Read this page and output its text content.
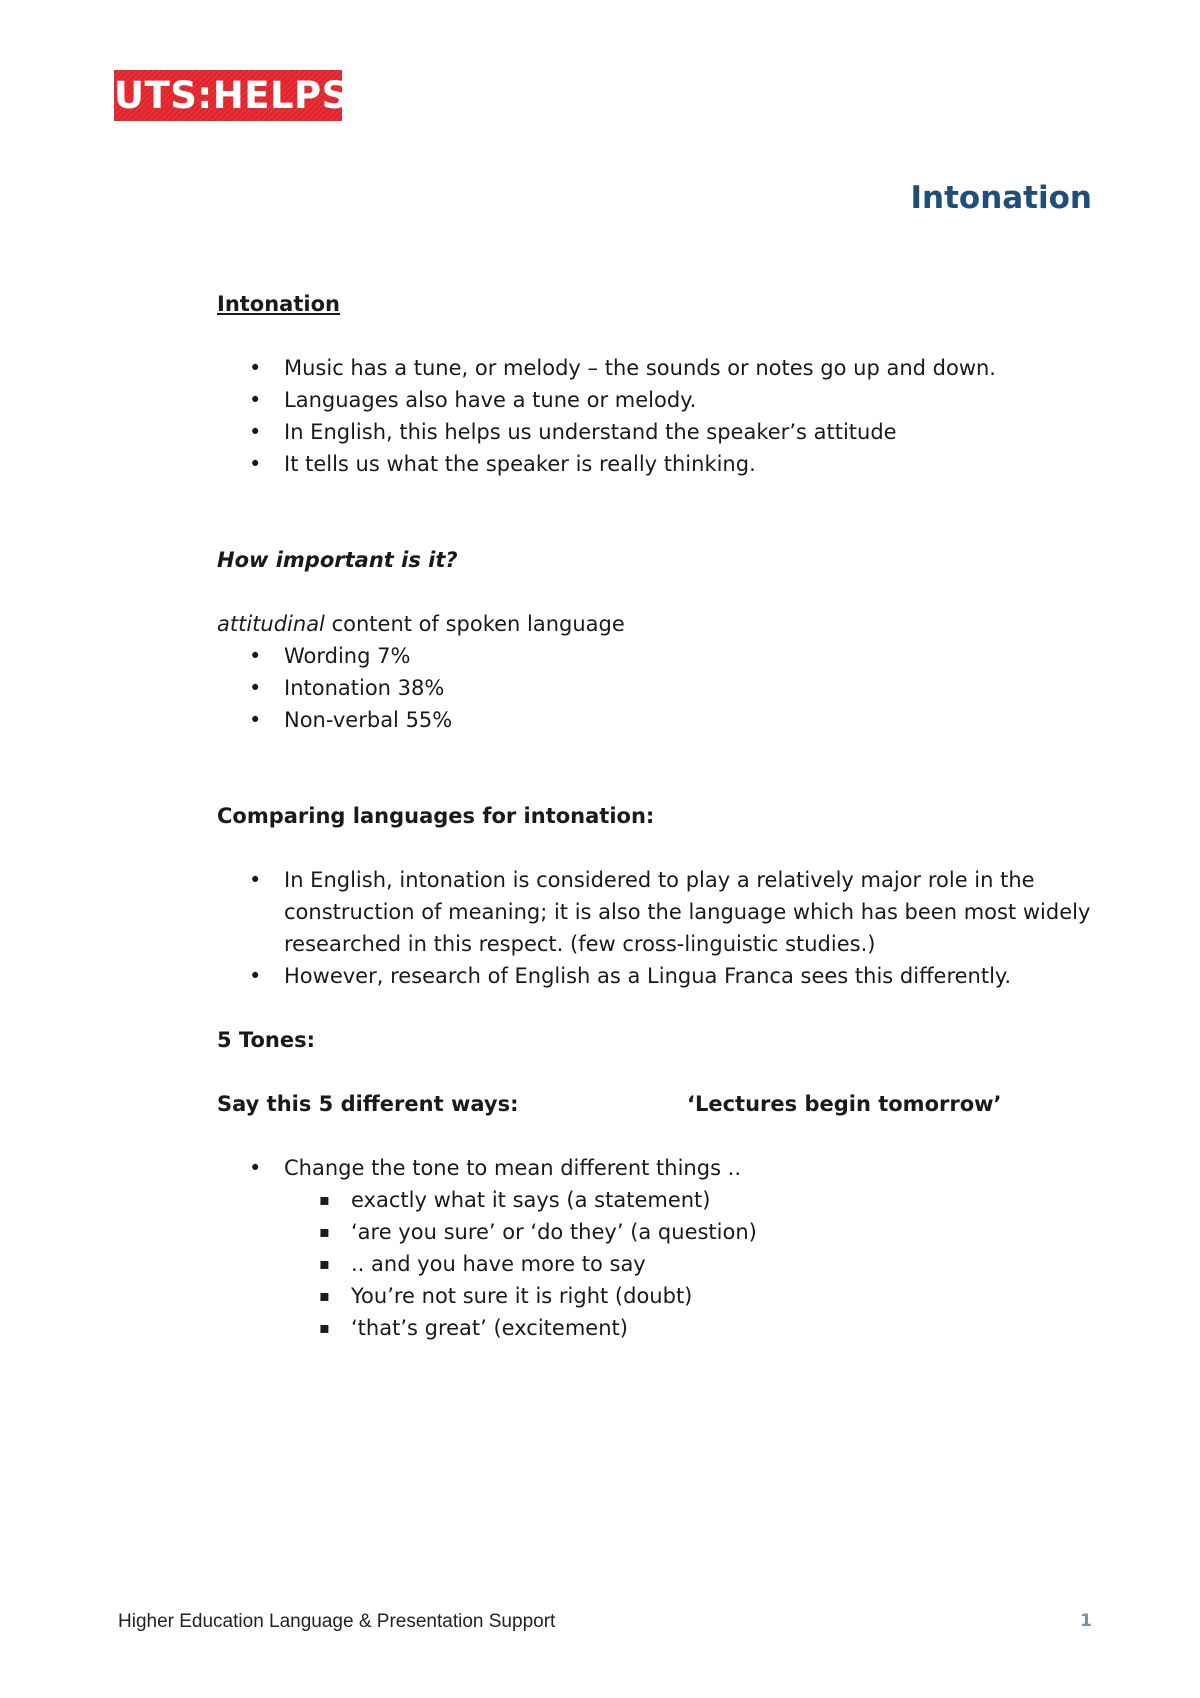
UTS:HELPS
Intonation

Intonation

• Music has a tune, or melody – the sounds or notes go up and down.
• Languages also have a tune or melody.
• In English, this helps us understand the speaker’s attitude
• It tells us what the speaker is really thinking.

How important is it?

attitudinal content of spoken language

• Wording 7%
• Intonation 38%
• Non-verbal 55%

Comparing languages for intonation:

• In English, intonation is considered to play a relatively major role in the construction of meaning; it is also the language which has been most widely researched in this respect. (few cross-linguistic studies.)
• However, research of English as a Lingua Franca sees this differently.

5 Tones:

Say this 5 different ways:	‘Lectures begin tomorrow’
• Change the tone to mean different things ..
▪ exactly what it says (a statement)
▪ ‘are you sure’ or ‘do they’ (a question)
▪ .. and you have more to say
▪ You’re not sure it is right (doubt)
▪ ‘that’s great’ (excitement)
Higher Education Language & Presentation Support	1
